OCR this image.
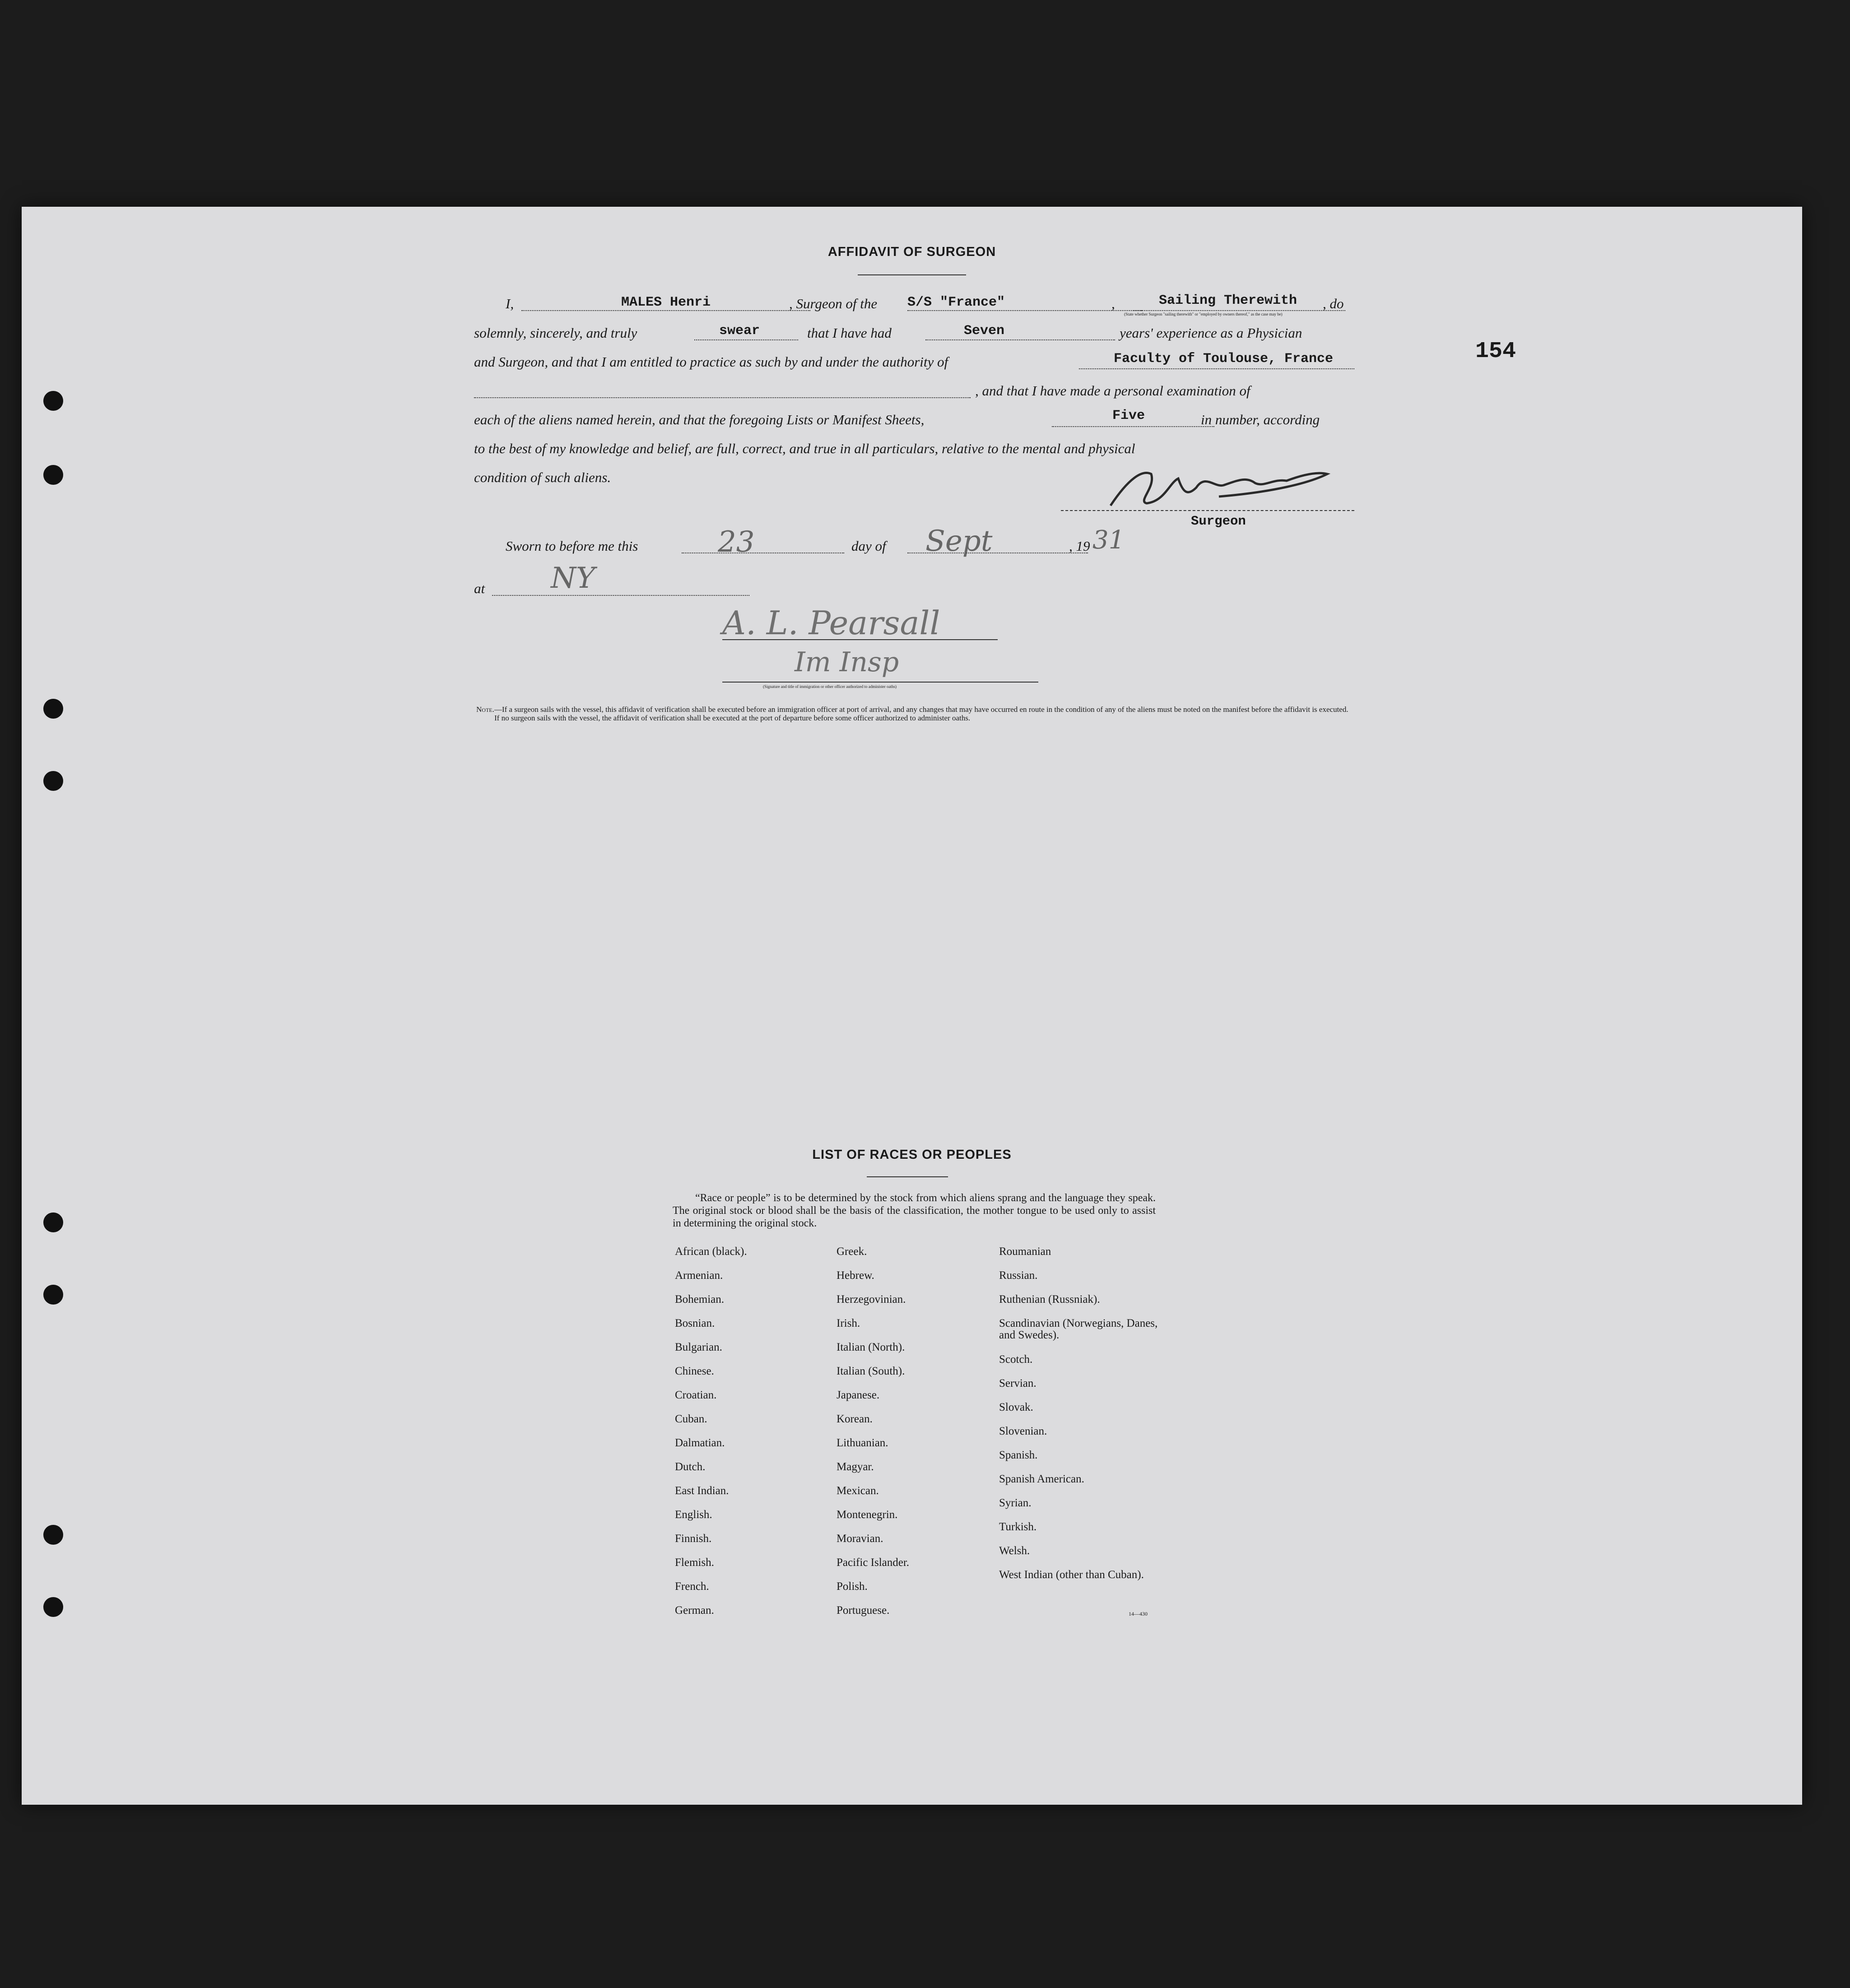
154
AFFIDAVIT OF SURGEON
I,	MALES Henri	, Surgeon of the S/S "France"	,	Sailing Therewith	, do
(State whether Surgeon "sailing therewith" or "employed by owners thereof," as the case may be)
solemnly, sincerely, and truly	swear	that I have had	Seven	years' experience as a Physician
and Surgeon, and that I am entitled to practice as such by and under the authority of	Faculty of Toulouse, France
, and that I have made a personal examination of
each of the aliens named herein, and that the foregoing Lists or Manifest Sheets,	Five	in number, according
to the best of my knowledge and belief, are full, correct, and true in all particulars, relative to the mental and physical
condition of such aliens.
Surgeon
Sworn to before me this	23	day of Sept	, 19 31
at NY
A. L. Pearsall
Im Insp
(Signature and title of immigration or other officer authorized to administer oaths)
Note.—If a surgeon sails with the vessel, this affidavit of verification shall be executed before an immigration officer at port of arrival, and any changes that may have occurred en route in the condition of any of the aliens must be noted on the manifest before the affidavit is executed.
If no surgeon sails with the vessel, the affidavit of verification shall be executed at the port of departure before some officer authorized to administer oaths.
LIST OF RACES OR PEOPLES
“Race or people” is to be determined by the stock from which aliens sprang and the language they speak. The original stock or blood shall be the basis of the classification, the mother tongue to be used only to assist in determining the original stock.
African (black).
Armenian.
Bohemian.
Bosnian.
Bulgarian.
Chinese.
Croatian.
Cuban.
Dalmatian.
Dutch.
East Indian.
English.
Finnish.
Flemish.
French.
German.
Greek.
Hebrew.
Herzegovinian.
Irish.
Italian (North).
Italian (South).
Japanese.
Korean.
Lithuanian.
Magyar.
Mexican.
Montenegrin.
Moravian.
Pacific Islander.
Polish.
Portuguese.
Roumanian
Russian.
Ruthenian (Russniak).
Scandinavian (Norwegians, Danes, and Swedes).
Scotch.
Servian.
Slovak.
Slovenian.
Spanish.
Spanish American.
Syrian.
Turkish.
Welsh.
West Indian (other than Cuban).
14—430
